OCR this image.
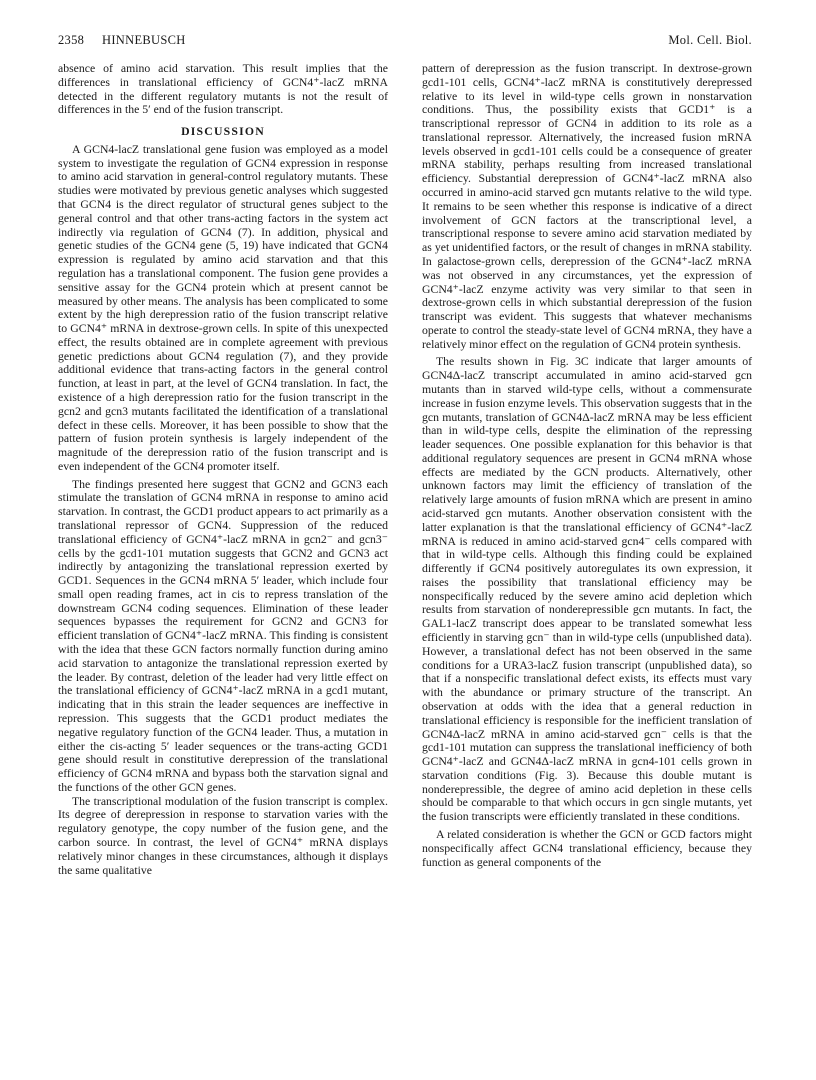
2358 HINNEBUSCH	Mol. Cell. Biol.

absence of amino acid starvation. This result implies that the differences in translational efficiency of GCN4⁺-lacZ mRNA detected in the different regulatory mutants is not the result of differences in the 5′ end of the fusion transcript.

DISCUSSION

A GCN4-lacZ translational gene fusion was employed as a model system to investigate the regulation of GCN4 expression in response to amino acid starvation in general-control regulatory mutants. These studies were motivated by previous genetic analyses which suggested that GCN4 is the direct regulator of structural genes subject to the general control and that other trans-acting factors in the system act indirectly via regulation of GCN4 (7). In addition, physical and genetic studies of the GCN4 gene (5, 19) have indicated that GCN4 expression is regulated by amino acid starvation and that this regulation has a translational component. The fusion gene provides a sensitive assay for the GCN4 protein which at present cannot be measured by other means. The analysis has been complicated to some extent by the high derepression ratio of the fusion transcript relative to GCN4⁺ mRNA in dextrose-grown cells. In spite of this unexpected effect, the results obtained are in complete agreement with previous genetic predictions about GCN4 regulation (7), and they provide additional evidence that trans-acting factors in the general control function, at least in part, at the level of GCN4 translation. In fact, the existence of a high derepression ratio for the fusion transcript in the gcn2 and gcn3 mutants facilitated the identification of a translational defect in these cells. Moreover, it has been possible to show that the pattern of fusion protein synthesis is largely independent of the magnitude of the derepression ratio of the fusion transcript and is even independent of the GCN4 promoter itself.

The findings presented here suggest that GCN2 and GCN3 each stimulate the translation of GCN4 mRNA in response to amino acid starvation. In contrast, the GCD1 product appears to act primarily as a translational repressor of GCN4. Suppression of the reduced translational efficiency of GCN4⁺-lacZ mRNA in gcn2⁻ and gcn3⁻ cells by the gcd1-101 mutation suggests that GCN2 and GCN3 act indirectly by antagonizing the translational repression exerted by GCD1. Sequences in the GCN4 mRNA 5′ leader, which include four small open reading frames, act in cis to repress translation of the downstream GCN4 coding sequences. Elimination of these leader sequences bypasses the requirement for GCN2 and GCN3 for efficient translation of GCN4⁺-lacZ mRNA. This finding is consistent with the idea that these GCN factors normally function during amino acid starvation to antagonize the translational repression exerted by the leader. By contrast, deletion of the leader had very little effect on the translational efficiency of GCN4⁺-lacZ mRNA in a gcd1 mutant, indicating that in this strain the leader sequences are ineffective in repression. This suggests that the GCD1 product mediates the negative regulatory function of the GCN4 leader. Thus, a mutation in either the cis-acting 5′ leader sequences or the trans-acting GCD1 gene should result in constitutive derepression of the translational efficiency of GCN4 mRNA and bypass both the starvation signal and the functions of the other GCN genes.

The transcriptional modulation of the fusion transcript is complex. Its degree of derepression in response to starvation varies with the regulatory genotype, the copy number of the fusion gene, and the carbon source. In contrast, the level of GCN4⁺ mRNA displays relatively minor changes in these circumstances, although it displays the same qualitative

pattern of derepression as the fusion transcript. In dextrose-grown gcd1-101 cells, GCN4⁺-lacZ mRNA is constitutively derepressed relative to its level in wild-type cells grown in nonstarvation conditions. Thus, the possibility exists that GCD1⁺ is a transcriptional repressor of GCN4 in addition to its role as a translational repressor. Alternatively, the increased fusion mRNA levels observed in gcd1-101 cells could be a consequence of greater mRNA stability, perhaps resulting from increased translational efficiency. Substantial derepression of GCN4⁺-lacZ mRNA also occurred in amino-acid starved gcn mutants relative to the wild type. It remains to be seen whether this response is indicative of a direct involvement of GCN factors at the transcriptional level, a transcriptional response to severe amino acid starvation mediated by as yet unidentified factors, or the result of changes in mRNA stability. In galactose-grown cells, derepression of the GCN4⁺-lacZ mRNA was not observed in any circumstances, yet the expression of GCN4⁺-lacZ enzyme activity was very similar to that seen in dextrose-grown cells in which substantial derepression of the fusion transcript was evident. This suggests that whatever mechanisms operate to control the steady-state level of GCN4 mRNA, they have a relatively minor effect on the regulation of GCN4 protein synthesis.

The results shown in Fig. 3C indicate that larger amounts of GCN4Δ-lacZ transcript accumulated in amino acid-starved gcn mutants than in starved wild-type cells, without a commensurate increase in fusion enzyme levels. This observation suggests that in the gcn mutants, translation of GCN4Δ-lacZ mRNA may be less efficient than in wild-type cells, despite the elimination of the repressing leader sequences. One possible explanation for this behavior is that additional regulatory sequences are present in GCN4 mRNA whose effects are mediated by the GCN products. Alternatively, other unknown factors may limit the efficiency of translation of the relatively large amounts of fusion mRNA which are present in amino acid-starved gcn mutants. Another observation consistent with the latter explanation is that the translational efficiency of GCN4⁺-lacZ mRNA is reduced in amino acid-starved gcn4⁻ cells compared with that in wild-type cells. Although this finding could be explained differently if GCN4 positively autoregulates its own expression, it raises the possibility that translational efficiency may be nonspecifically reduced by the severe amino acid depletion which results from starvation of nonderepressible gcn mutants. In fact, the GAL1-lacZ transcript does appear to be translated somewhat less efficiently in starving gcn⁻ than in wild-type cells (unpublished data). However, a translational defect has not been observed in the same conditions for a URA3-lacZ fusion transcript (unpublished data), so that if a nonspecific translational defect exists, its effects must vary with the abundance or primary structure of the transcript. An observation at odds with the idea that a general reduction in translational efficiency is responsible for the inefficient translation of GCN4Δ-lacZ mRNA in amino acid-starved gcn⁻ cells is that the gcd1-101 mutation can suppress the translational inefficiency of both GCN4⁺-lacZ and GCN4Δ-lacZ mRNA in gcn4-101 cells grown in starvation conditions (Fig. 3). Because this double mutant is nonderepressible, the degree of amino acid depletion in these cells should be comparable to that which occurs in gcn single mutants, yet the fusion transcripts were efficiently translated in these conditions.

A related consideration is whether the GCN or GCD factors might nonspecifically affect GCN4 translational efficiency, because they function as general components of the
